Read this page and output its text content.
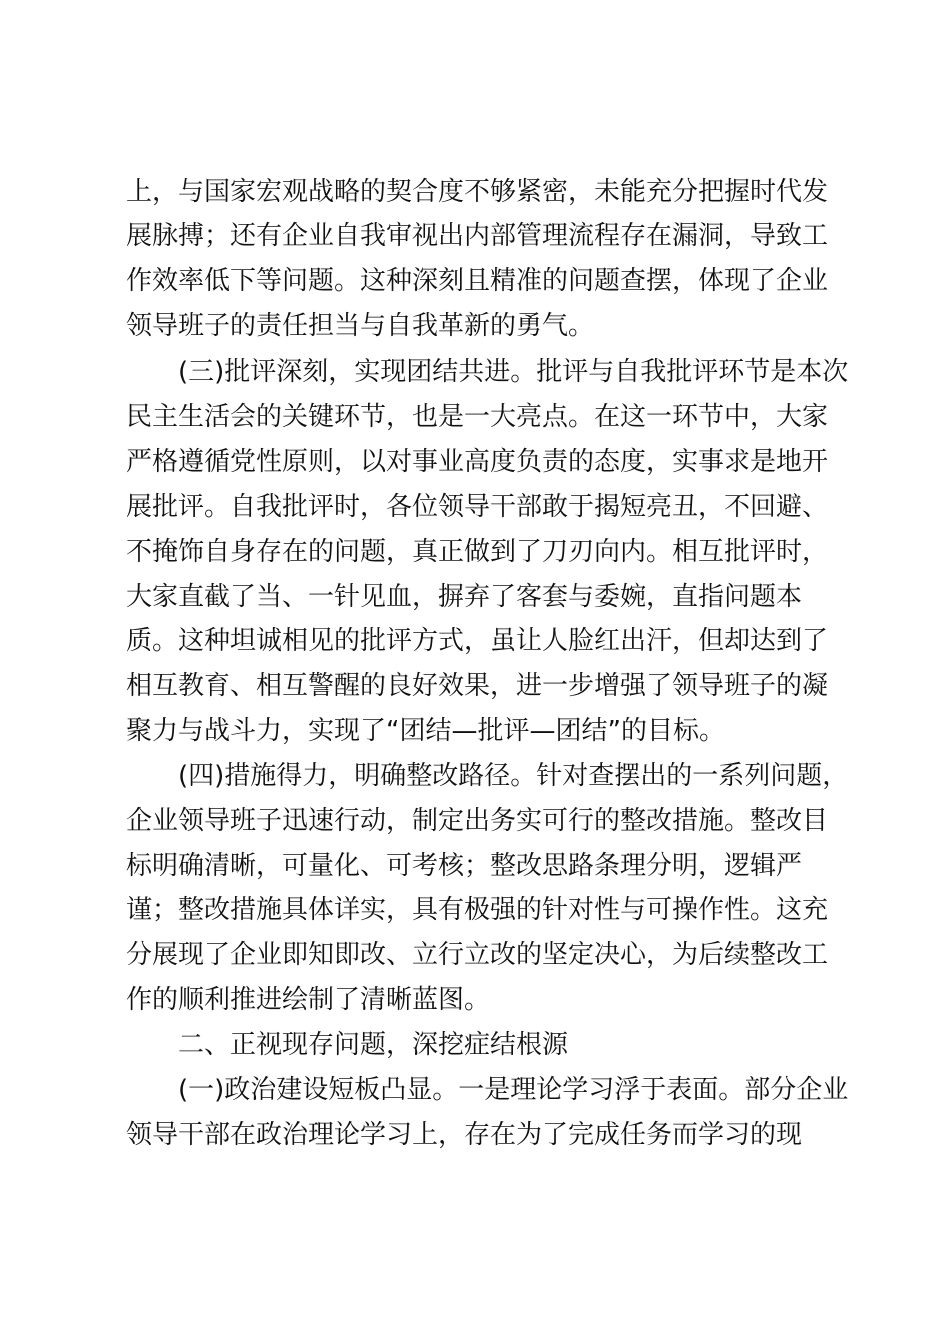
上，与国家宏观战略的契合度不够紧密，未能充分把握时代发
展脉搏；还有企业自我审视出内部管理流程存在漏洞，导致工
作效率低下等问题。这种深刻且精准的问题查摆，体现了企业
领导班子的责任担当与自我革新的勇气。
(三)批评深刻，实现团结共进。批评与自我批评环节是本次
民主生活会的关键环节，也是一大亮点。在这一环节中，大家
严格遵循党性原则，以对事业高度负责的态度，实事求是地开
展批评。自我批评时，各位领导干部敢于揭短亮丑，不回避、
不掩饰自身存在的问题，真正做到了刀刃向内。相互批评时，
大家直截了当、一针见血，摒弃了客套与委婉，直指问题本
质。这种坦诚相见的批评方式，虽让人脸红出汗，但却达到了
相互教育、相互警醒的良好效果，进一步增强了领导班子的凝
聚力与战斗力，实现了“团结—批评—团结”的目标。
(四)措施得力，明确整改路径。针对查摆出的一系列问题，
企业领导班子迅速行动，制定出务实可行的整改措施。整改目
标明确清晰，可量化、可考核；整改思路条理分明，逻辑严
谨；整改措施具体详实，具有极强的针对性与可操作性。这充
分展现了企业即知即改、立行立改的坚定决心，为后续整改工
作的顺利推进绘制了清晰蓝图。
二、正视现存问题，深挖症结根源
(一)政治建设短板凸显。一是理论学习浮于表面。部分企业
领导干部在政治理论学习上，存在为了完成任务而学习的现
